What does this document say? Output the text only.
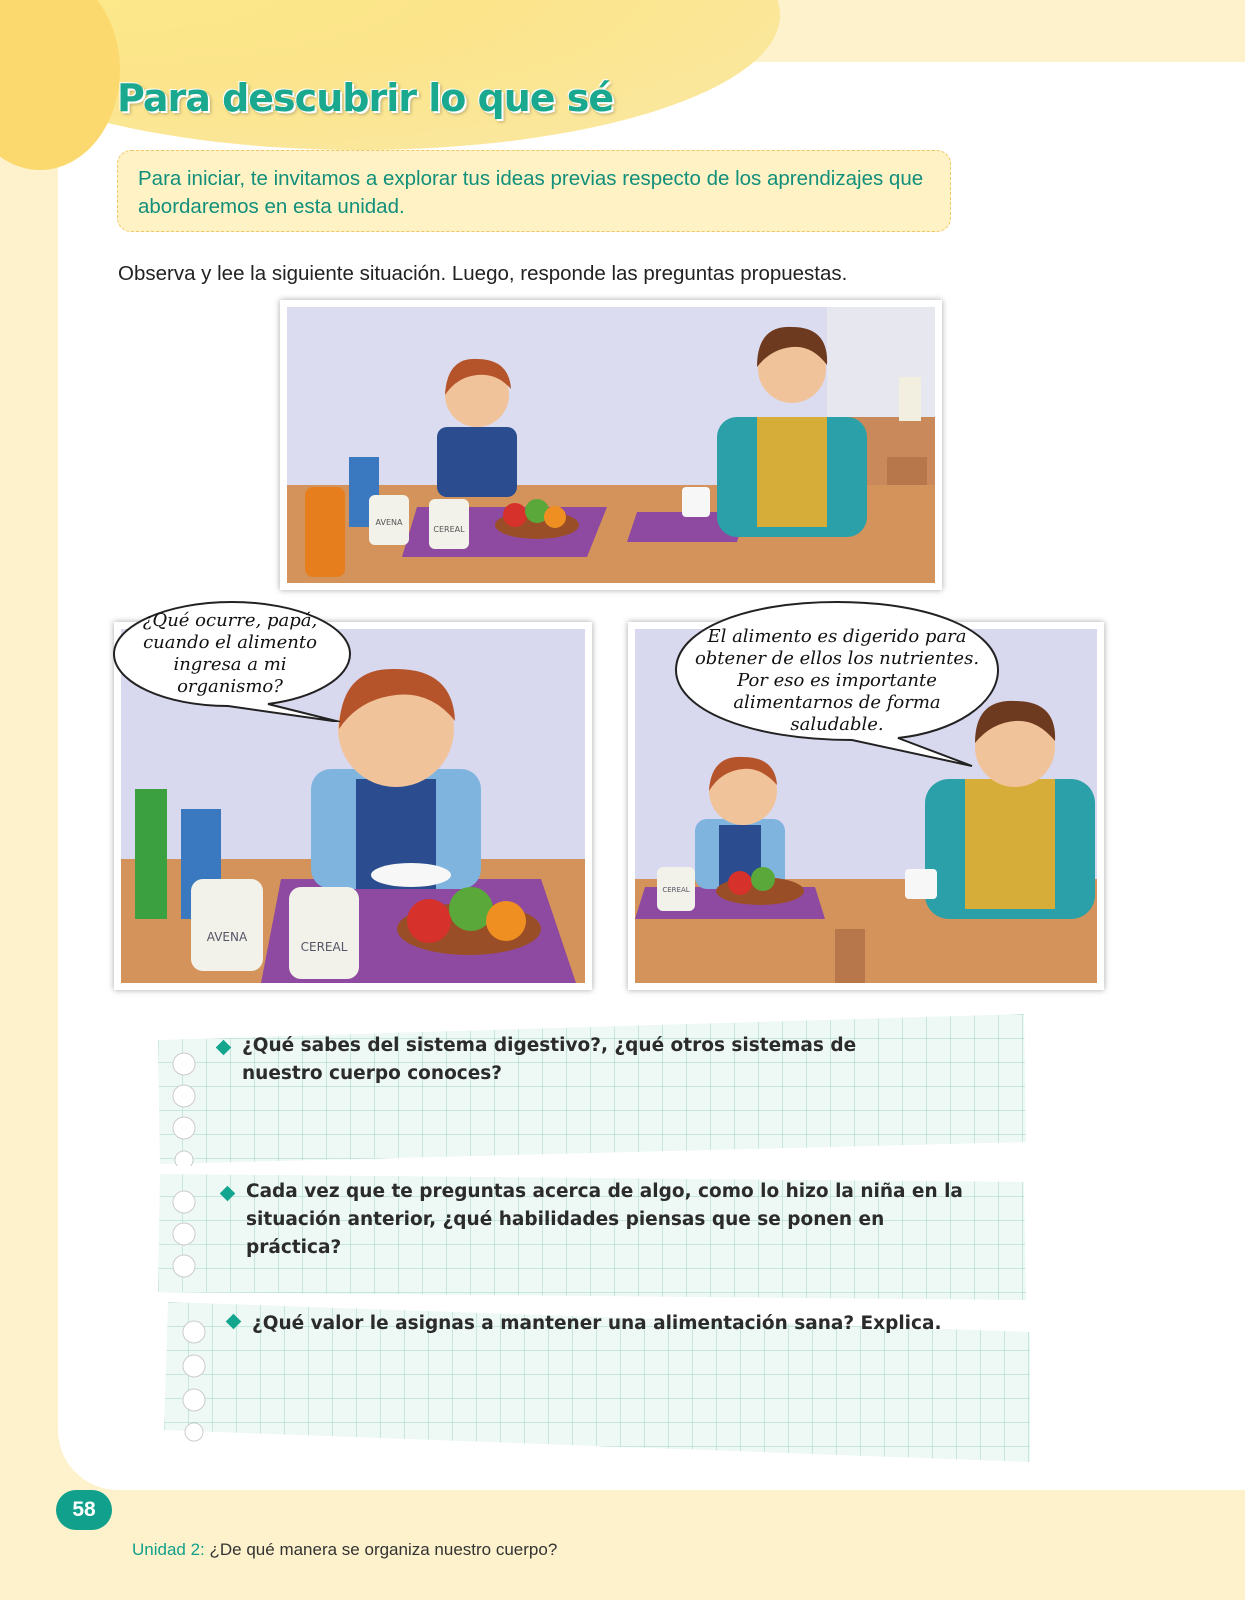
Para descubrir lo que sé
Para iniciar, te invitamos a explorar tus ideas previas respecto de los aprendizajes que abordaremos en esta unidad.

Observa y lee la siguiente situación. Luego, responde las preguntas propuestas.

AVENA
CEREAL
AVENA
CEREAL
CEREAL
¿Qué ocurre, papá, cuando el alimento ingresa a mi organismo?
El alimento es digerido para obtener de ellos los nutrientes. Por eso es importante alimentarnos de forma saludable.
¿Qué sabes del sistema digestivo?, ¿qué otros sistemas de nuestro cuerpo conoces?
Cada vez que te preguntas acerca de algo, como lo hizo la niña en la situación anterior, ¿qué habilidades piensas que se ponen en práctica?
¿Qué valor le asignas a mantener una alimentación sana? Explica.
58
Unidad 2: ¿De qué manera se organiza nuestro cuerpo?
